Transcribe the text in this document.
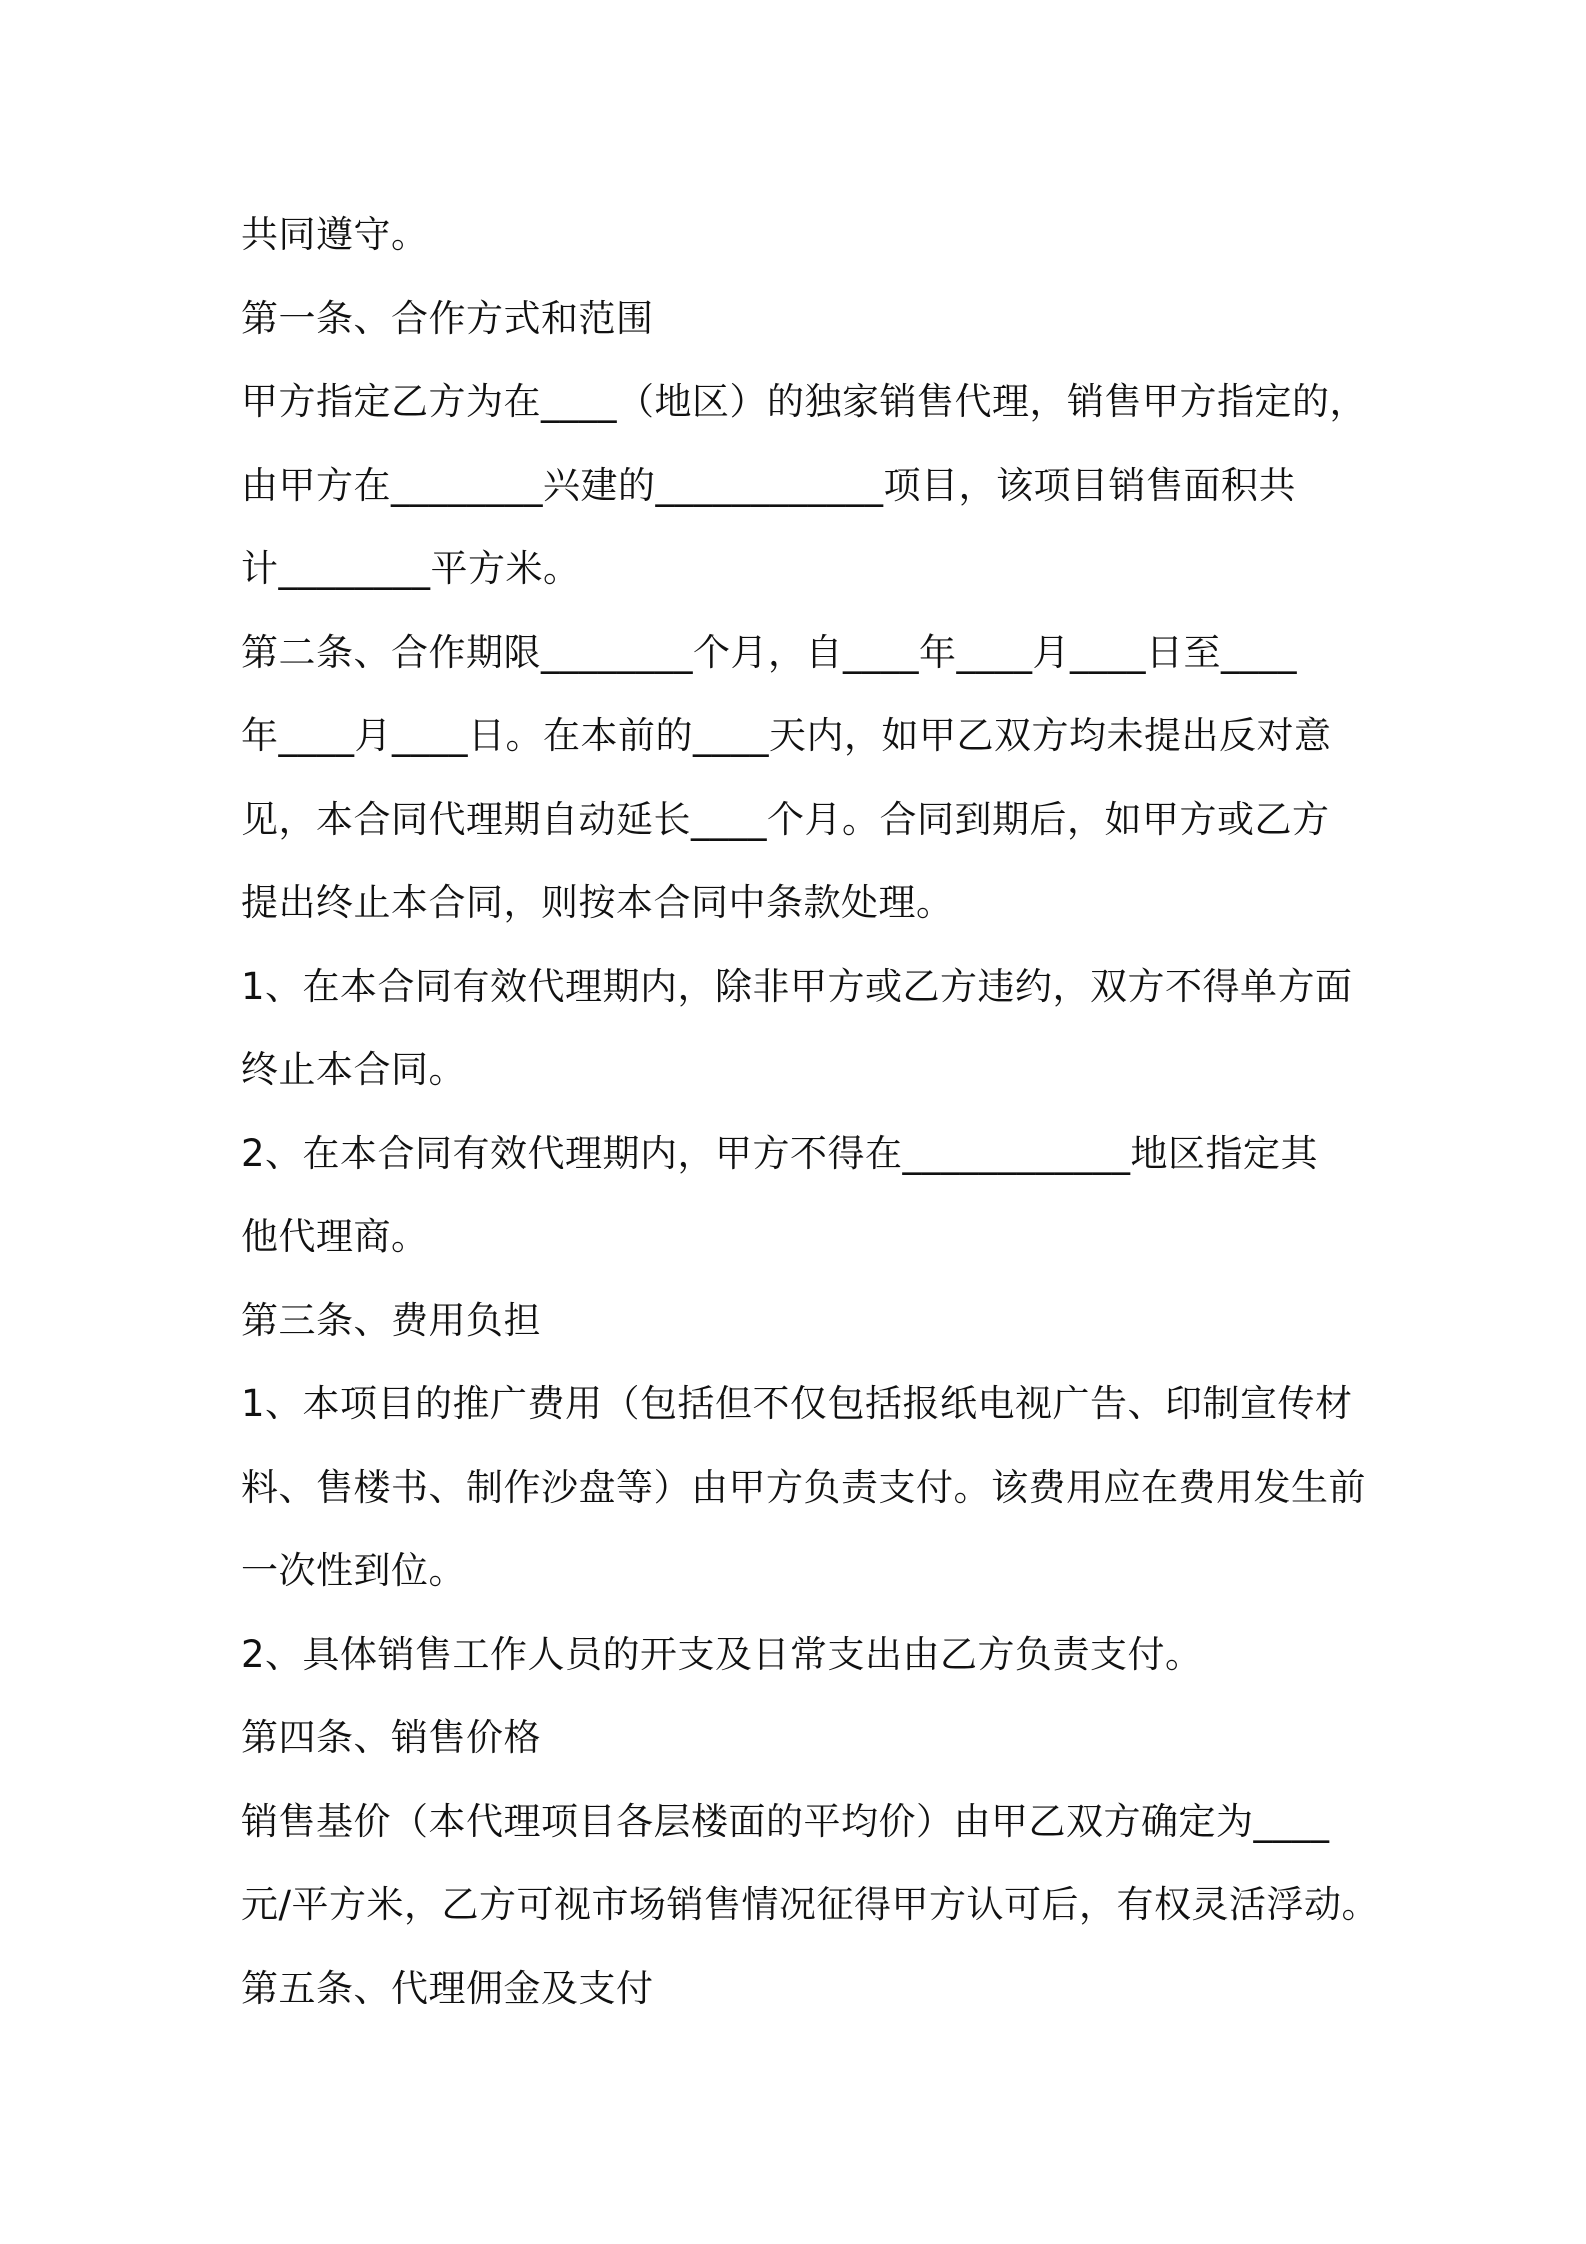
共同遵守。
第一条、合作方式和范围
甲方指定乙方为在____（地区）的独家销售代理，销售甲方指定的，
由甲方在________兴建的____________项目，该项目销售面积共
计________平方米。
第二条、合作期限________个月，自____年____月____日至____
年____月____日。在本前的____天内，如甲乙双方均未提出反对意
见，本合同代理期自动延长____个月。合同到期后，如甲方或乙方
提出终止本合同，则按本合同中条款处理。
1、在本合同有效代理期内，除非甲方或乙方违约，双方不得单方面
终止本合同。
2、在本合同有效代理期内，甲方不得在____________地区指定其
他代理商。
第三条、费用负担
1、本项目的推广费用（包括但不仅包括报纸电视广告、印制宣传材
料、售楼书、制作沙盘等）由甲方负责支付。该费用应在费用发生前
一次性到位。
2、具体销售工作人员的开支及日常支出由乙方负责支付。
第四条、销售价格
销售基价（本代理项目各层楼面的平均价）由甲乙双方确定为____
元/平方米，乙方可视市场销售情况征得甲方认可后，有权灵活浮动。
第五条、代理佣金及支付
